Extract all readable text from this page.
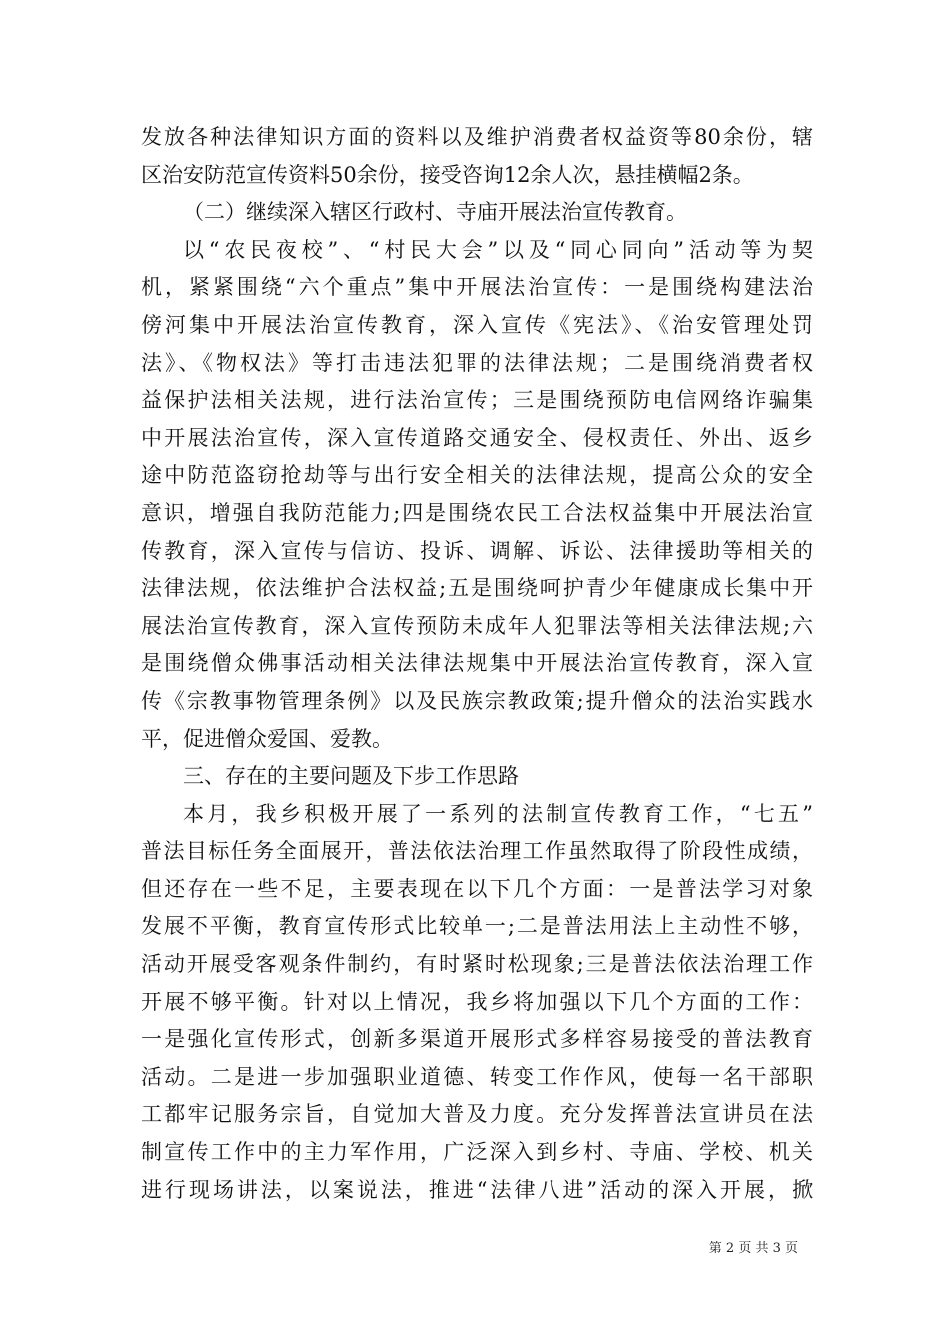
发放各种法律知识方面的资料以及维护消费者权益资等80余份，辖
区治安防范宣传资料50余份，接受咨询12余人次，悬挂横幅2条。
（二）继续深入辖区行政村、寺庙开展法治宣传教育。
以“农民夜校”、“村民大会”以及“同心同向”活动等为契
机，紧紧围绕“六个重点”集中开展法治宣传：一是围绕构建法治
傍河集中开展法治宣传教育，深入宣传《宪法》、《治安管理处罚
法》、《物权法》等打击违法犯罪的法律法规；二是围绕消费者权
益保护法相关法规，进行法治宣传；三是围绕预防电信网络诈骗集
中开展法治宣传，深入宣传道路交通安全、侵权责任、外出、返乡
途中防范盗窃抢劫等与出行安全相关的法律法规，提高公众的安全
意识，增强自我防范能力;四是围绕农民工合法权益集中开展法治宣
传教育，深入宣传与信访、投诉、调解、诉讼、法律援助等相关的
法律法规，依法维护合法权益;五是围绕呵护青少年健康成长集中开
展法治宣传教育，深入宣传预防未成年人犯罪法等相关法律法规;六
是围绕僧众佛事活动相关法律法规集中开展法治宣传教育，深入宣
传《宗教事物管理条例》以及民族宗教政策;提升僧众的法治实践水
平，促进僧众爱国、爱教。
三、存在的主要问题及下步工作思路
本月，我乡积极开展了一系列的法制宣传教育工作，“七五”
普法目标任务全面展开，普法依法治理工作虽然取得了阶段性成绩，
但还存在一些不足，主要表现在以下几个方面：一是普法学习对象
发展不平衡，教育宣传形式比较单一;二是普法用法上主动性不够，
活动开展受客观条件制约，有时紧时松现象;三是普法依法治理工作
开展不够平衡。针对以上情况，我乡将加强以下几个方面的工作：
一是强化宣传形式，创新多渠道开展形式多样容易接受的普法教育
活动。二是进一步加强职业道德、转变工作作风，使每一名干部职
工都牢记服务宗旨，自觉加大普及力度。充分发挥普法宣讲员在法
制宣传工作中的主力军作用，广泛深入到乡村、寺庙、学校、机关
进行现场讲法，以案说法，推进“法律八进”活动的深入开展，掀
第 2 页 共 3 页
